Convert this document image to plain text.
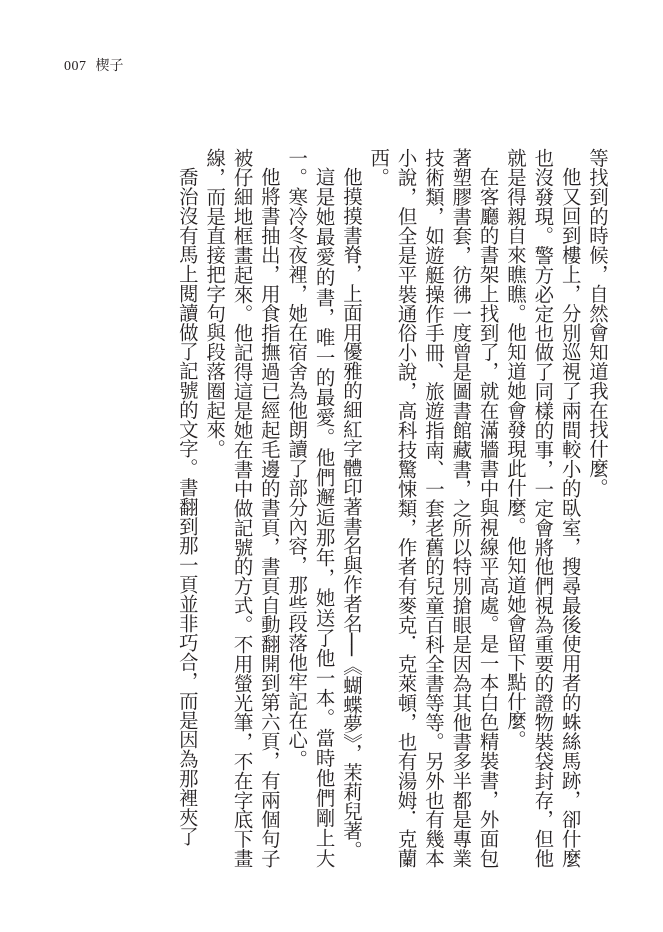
007 楔子

等找到的時候，自然會知道我在找什麼。

他又回到樓上，分別巡視了兩間較小的臥室，搜尋最後使用者的蛛絲馬跡，卻什麼也沒發現。警方必定也做了同樣的事，一定會將他們視為重要的證物裝袋封存，但他就是得親自來瞧瞧。他知道她會發現此什麼。他知道她會留下點什麼。

在客廳的書架上找到了，就在滿牆書中與視線平高處。是一本白色精裝書，外面包著塑膠書套，彷彿一度曾是圖書館藏書，之所以特別搶眼是因為其他書多半都是專業技術類，如遊艇操作手冊、旅遊指南、一套老舊的兒童百科全書等等。另外也有幾本小說，但全是平裝通俗小說，高科技驚悚類，作者有麥克．克萊頓，也有湯姆．克蘭西。

他摸摸書脊，上面用優雅的細紅字體印著書名與作者名──《蝴蝶夢》，茉莉兒著。

這是她最愛的書，唯一的最愛。他們邂逅那年，她送了他一本。當時他們剛上大一。寒冷冬夜裡，她在宿舍為他朗讀了部分內容，那些段落他牢記在心。

他將書抽出，用食指撫過已經起毛邊的書頁，書頁自動翻開到第六頁，有兩個句子被仔細地框畫起來。他記得這是她在書中做記號的方式。不用螢光筆，不在字底下畫線，而是直接把字句與段落圈起來。

喬治沒有馬上閱讀做了記號的文字。書翻到那一頁並非巧合，而是因為那裡夾了
